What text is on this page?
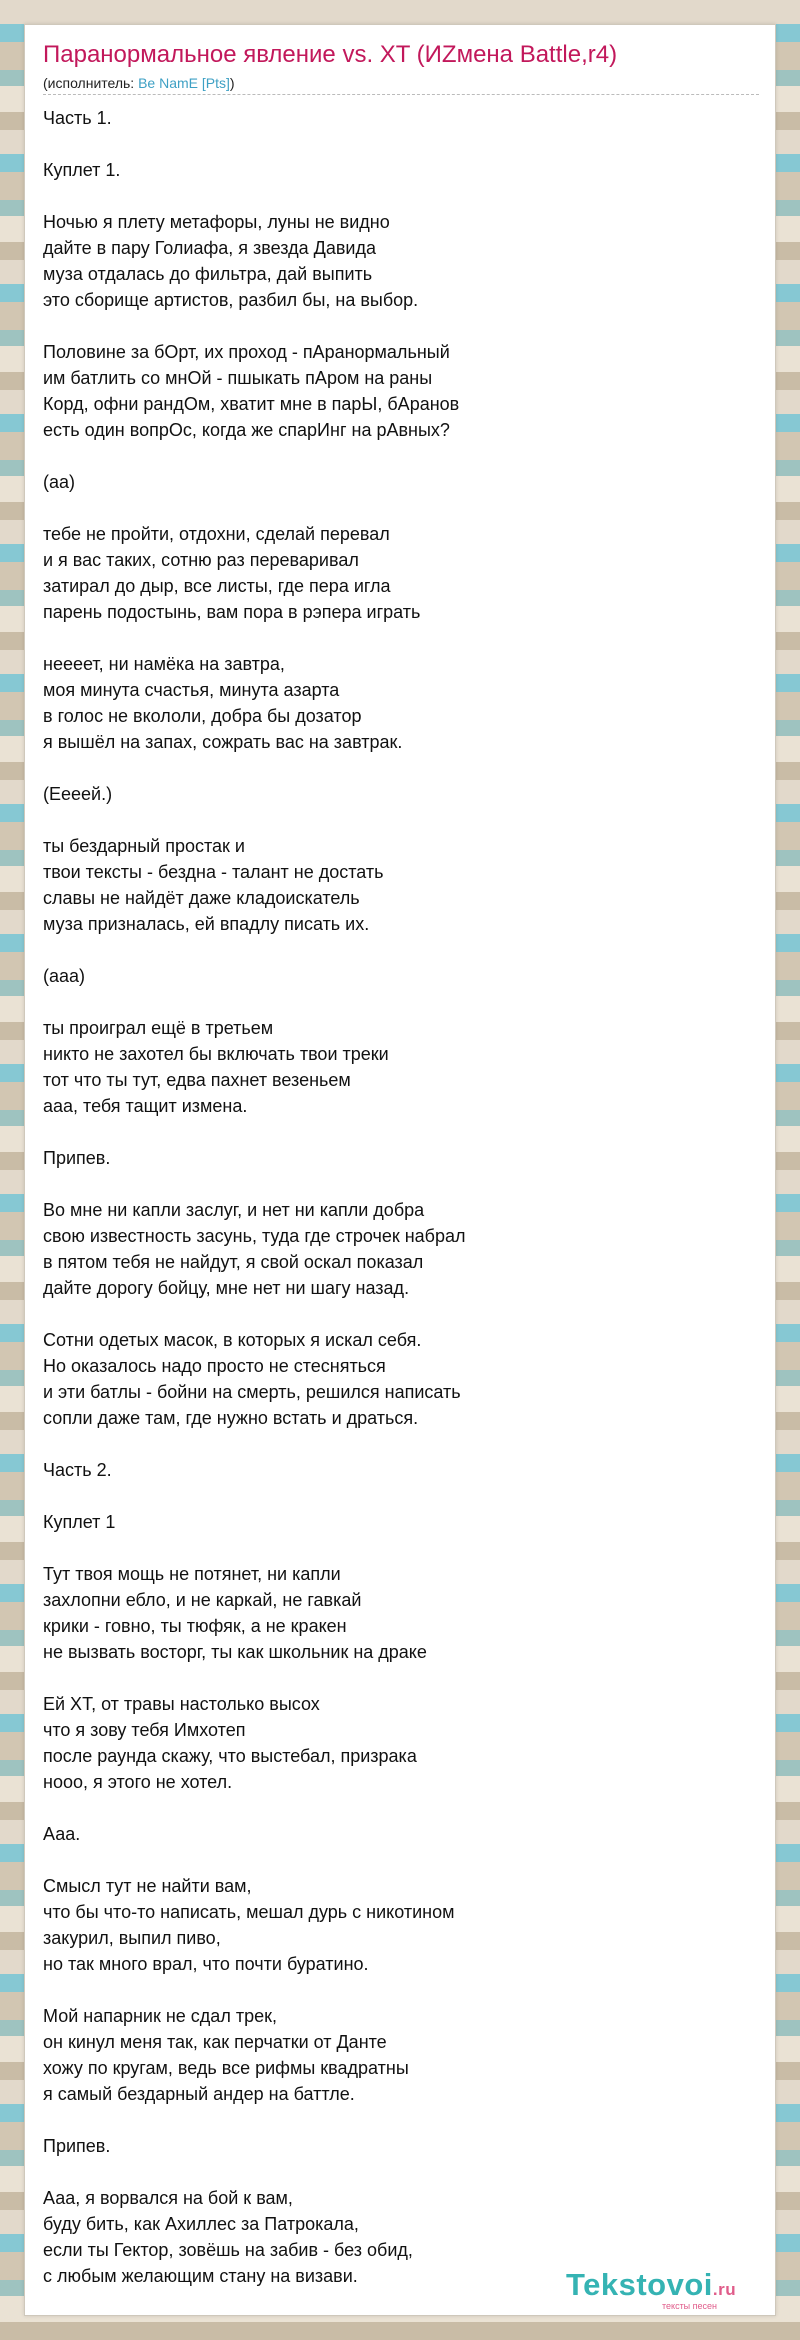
Паранормальное явление vs. XT (ИZмена Battle,r4)
(исполнитель: Be NamE [Pts])
Часть 1.
Куплет 1.
Ночью я плету метафоры, луны не видно
дайте в пару Голиафа, я звезда Давида
муза отдалась до фильтра, дай выпить
это сборище артистов, разбил бы, на выбор.
Половине за бОрт, их проход - пАранормальный
им батлить со мнОй - пшыкать пАром на раны
Корд, офни рандОм, хватит мне в парЫ, бАранов
есть один вопрОс, когда же спарИнг на рАвных?
(аа)
тебе не пройти, отдохни, сделай перевал
и я вас таких, сотню раз переваривал
затирал до дыр, все листы, где пера игла
парень подостынь, вам пора в рэпера играть
нееeет, ни намёка на завтра,
моя минута счастья, минута азарта
в голос не вкололи, добра бы дозатор
я вышёл на запах, сожрать вас на завтрак.
(Ееeей.)
ты бездарный простак и
твои тексты - бездна - талант не достать
славы не найдёт даже кладоискатель
муза призналась, ей впадлу писать их.
(ааа)
ты проиграл ещё в третьем
никто не захотел бы включать твои треки
тот что ты тут, едва пахнет везеньем
ааа, тебя тащит измена.
Припев.
Во мне ни капли заслуг, и нет ни капли добра
свою известность засунь, туда где строчек набрал
в пятом тебя не найдут, я свой оскал показал
дайте дорогу бойцу, мне нет ни шагу назад.
Сотни одетых масок, в которых я искал себя.
Но оказалось надо просто не стесняться
и эти батлы - бойни на смерть, решился написать
сопли даже там, где нужно встать и драться.
Часть 2.
Куплет 1
Тут твоя мощь не потянет, ни капли
захлопни ебло, и не каркай, не гавкай
крики - говно, ты тюфяк, а не кракен
не вызвать восторг, ты как школьник на драке
Ей XT, от травы настолько высох
что я зову тебя Имхотеп
после раунда скажу, что выстебал, призрака
нооо, я этого не хотел.
Ааа.
Смысл тут не найти вам,
что бы что-то написать, мешал дурь с никотином
закурил, выпил пиво,
но так много врал, что почти буратино.
Мой напарник не сдал трек,
он кинул меня так, как перчатки от Данте
хожу по кругам, ведь все рифмы квадратны
я самый бездарный андер на баттле.
Припев.
Ааа, я ворвался на бой к вам,
буду бить, как Ахиллес за Патрокала,
если ты Гектор, зовёшь на забив - без обид,
с любым желающим стану на визави.	Tekstovoi.ru
тексты песен
